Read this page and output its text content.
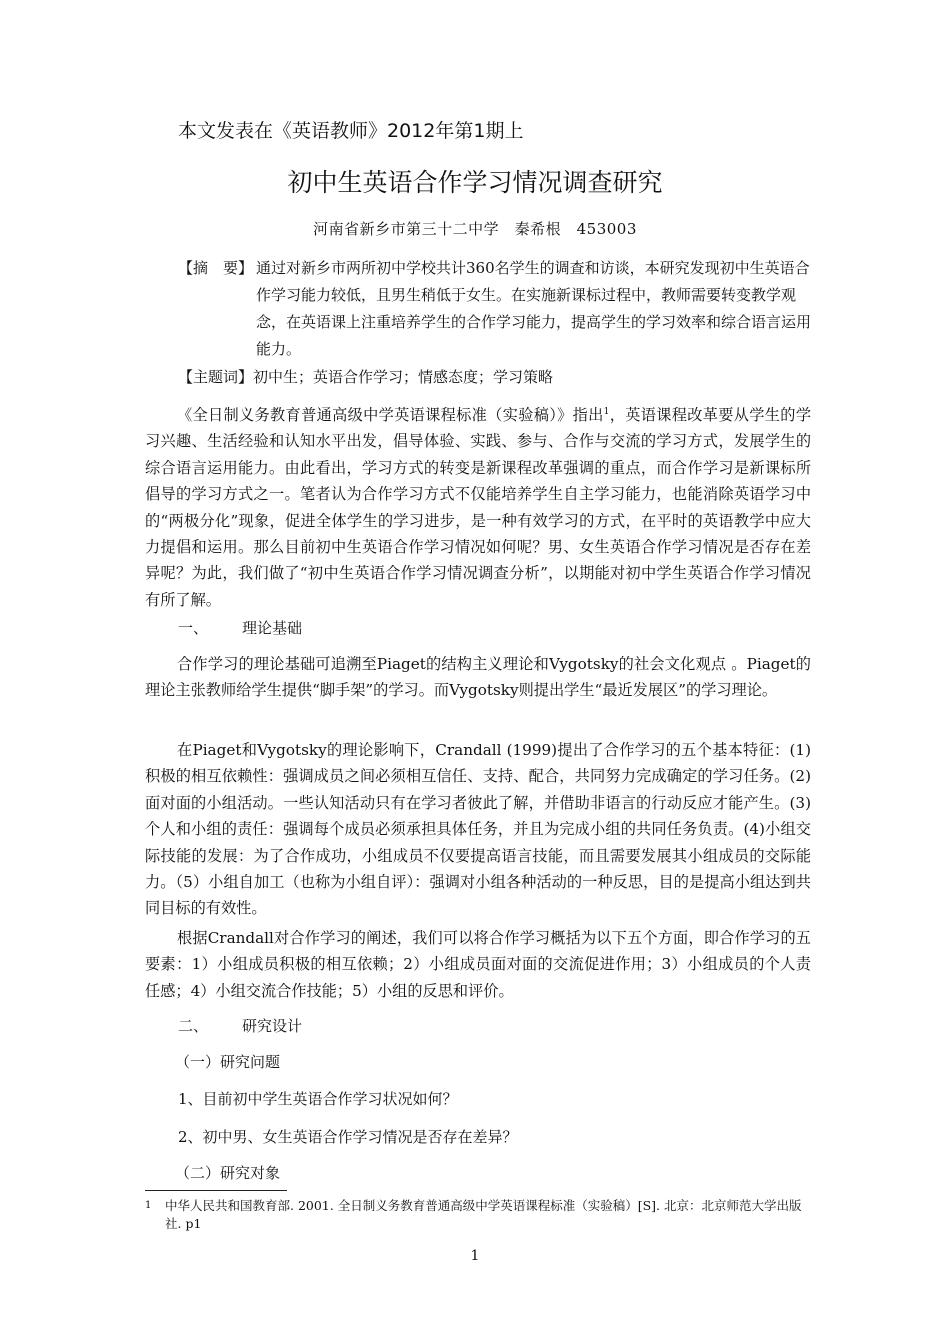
本文发表在《英语教师》2012年第1期上
初中生英语合作学习情况调查研究
河南省新乡市第三十二中学　秦希根　453003
【摘　要】 通过对新乡市两所初中学校共计360名学生的调查和访谈，本研究发现初中生英语合作学习能力较低，且男生稍低于女生。在实施新课标过程中，教师需要转变教学观念，在英语课上注重培养学生的合作学习能力，提高学生的学习效率和综合语言运用能力。
【主题词】初中生；英语合作学习；情感态度；学习策略

《全日制义务教育普通高级中学英语课程标准（实验稿）》指出$^1$，英语课程改革要从学生的学习兴趣、生活经验和认知水平出发，倡导体验、实践、参与、合作与交流的学习方式，发展学生的综合语言运用能力。由此看出，学习方式的转变是新课程改革强调的重点，而合作学习是新课标所倡导的学习方式之一。笔者认为合作学习方式不仅能培养学生自主学习能力，也能消除英语学习中的“两极分化”现象，促进全体学生的学习进步，是一种有效学习的方式，在平时的英语教学中应大力提倡和运用。那么目前初中生英语合作学习情况如何呢？男、女生英语合作学习情况是否存在差异呢？为此，我们做了“初中生英语合作学习情况调查分析”，以期能对初中学生英语合作学习情况有所了解。

一、 理论基础

合作学习的理论基础可追溯至Piaget的结构主义理论和Vygotsky的社会文化观点 。Piaget的理论主张教师给学生提供“脚手架”的学习。而Vygotsky则提出学生“最近发展区”的学习理论。

在Piaget和Vygotsky的理论影响下，Crandall (1999)提出了合作学习的五个基本特征：(1)积极的相互依赖性：强调成员之间必须相互信任、支持、配合，共同努力完成确定的学习任务。(2)面对面的小组活动。一些认知活动只有在学习者彼此了解，并借助非语言的行动反应才能产生。(3)个人和小组的责任：强调每个成员必须承担具体任务，并且为完成小组的共同任务负责。(4)小组交际技能的发展：为了合作成功，小组成员不仅要提高语言技能，而且需要发展其小组成员的交际能力。（5）小组自加工（也称为小组自评）：强调对小组各种活动的一种反思，目的是提高小组达到共同目标的有效性。

根据Crandall对合作学习的阐述，我们可以将合作学习概括为以下五个方面，即合作学习的五要素：1）小组成员积极的相互依赖；2）小组成员面对面的交流促进作用；3）小组成员的个人责任感；4）小组交流合作技能；5）小组的反思和评价。

二、 研究设计
（一）研究问题
1、目前初中学生英语合作学习状况如何？
2、初中男、女生英语合作学习情况是否存在差异？
（二）研究对象
1 中华人民共和国教育部. 2001. 全日制义务教育普通高级中学英语课程标准（实验稿）[S]. 北京：北京师范大学出版社. p1
1
